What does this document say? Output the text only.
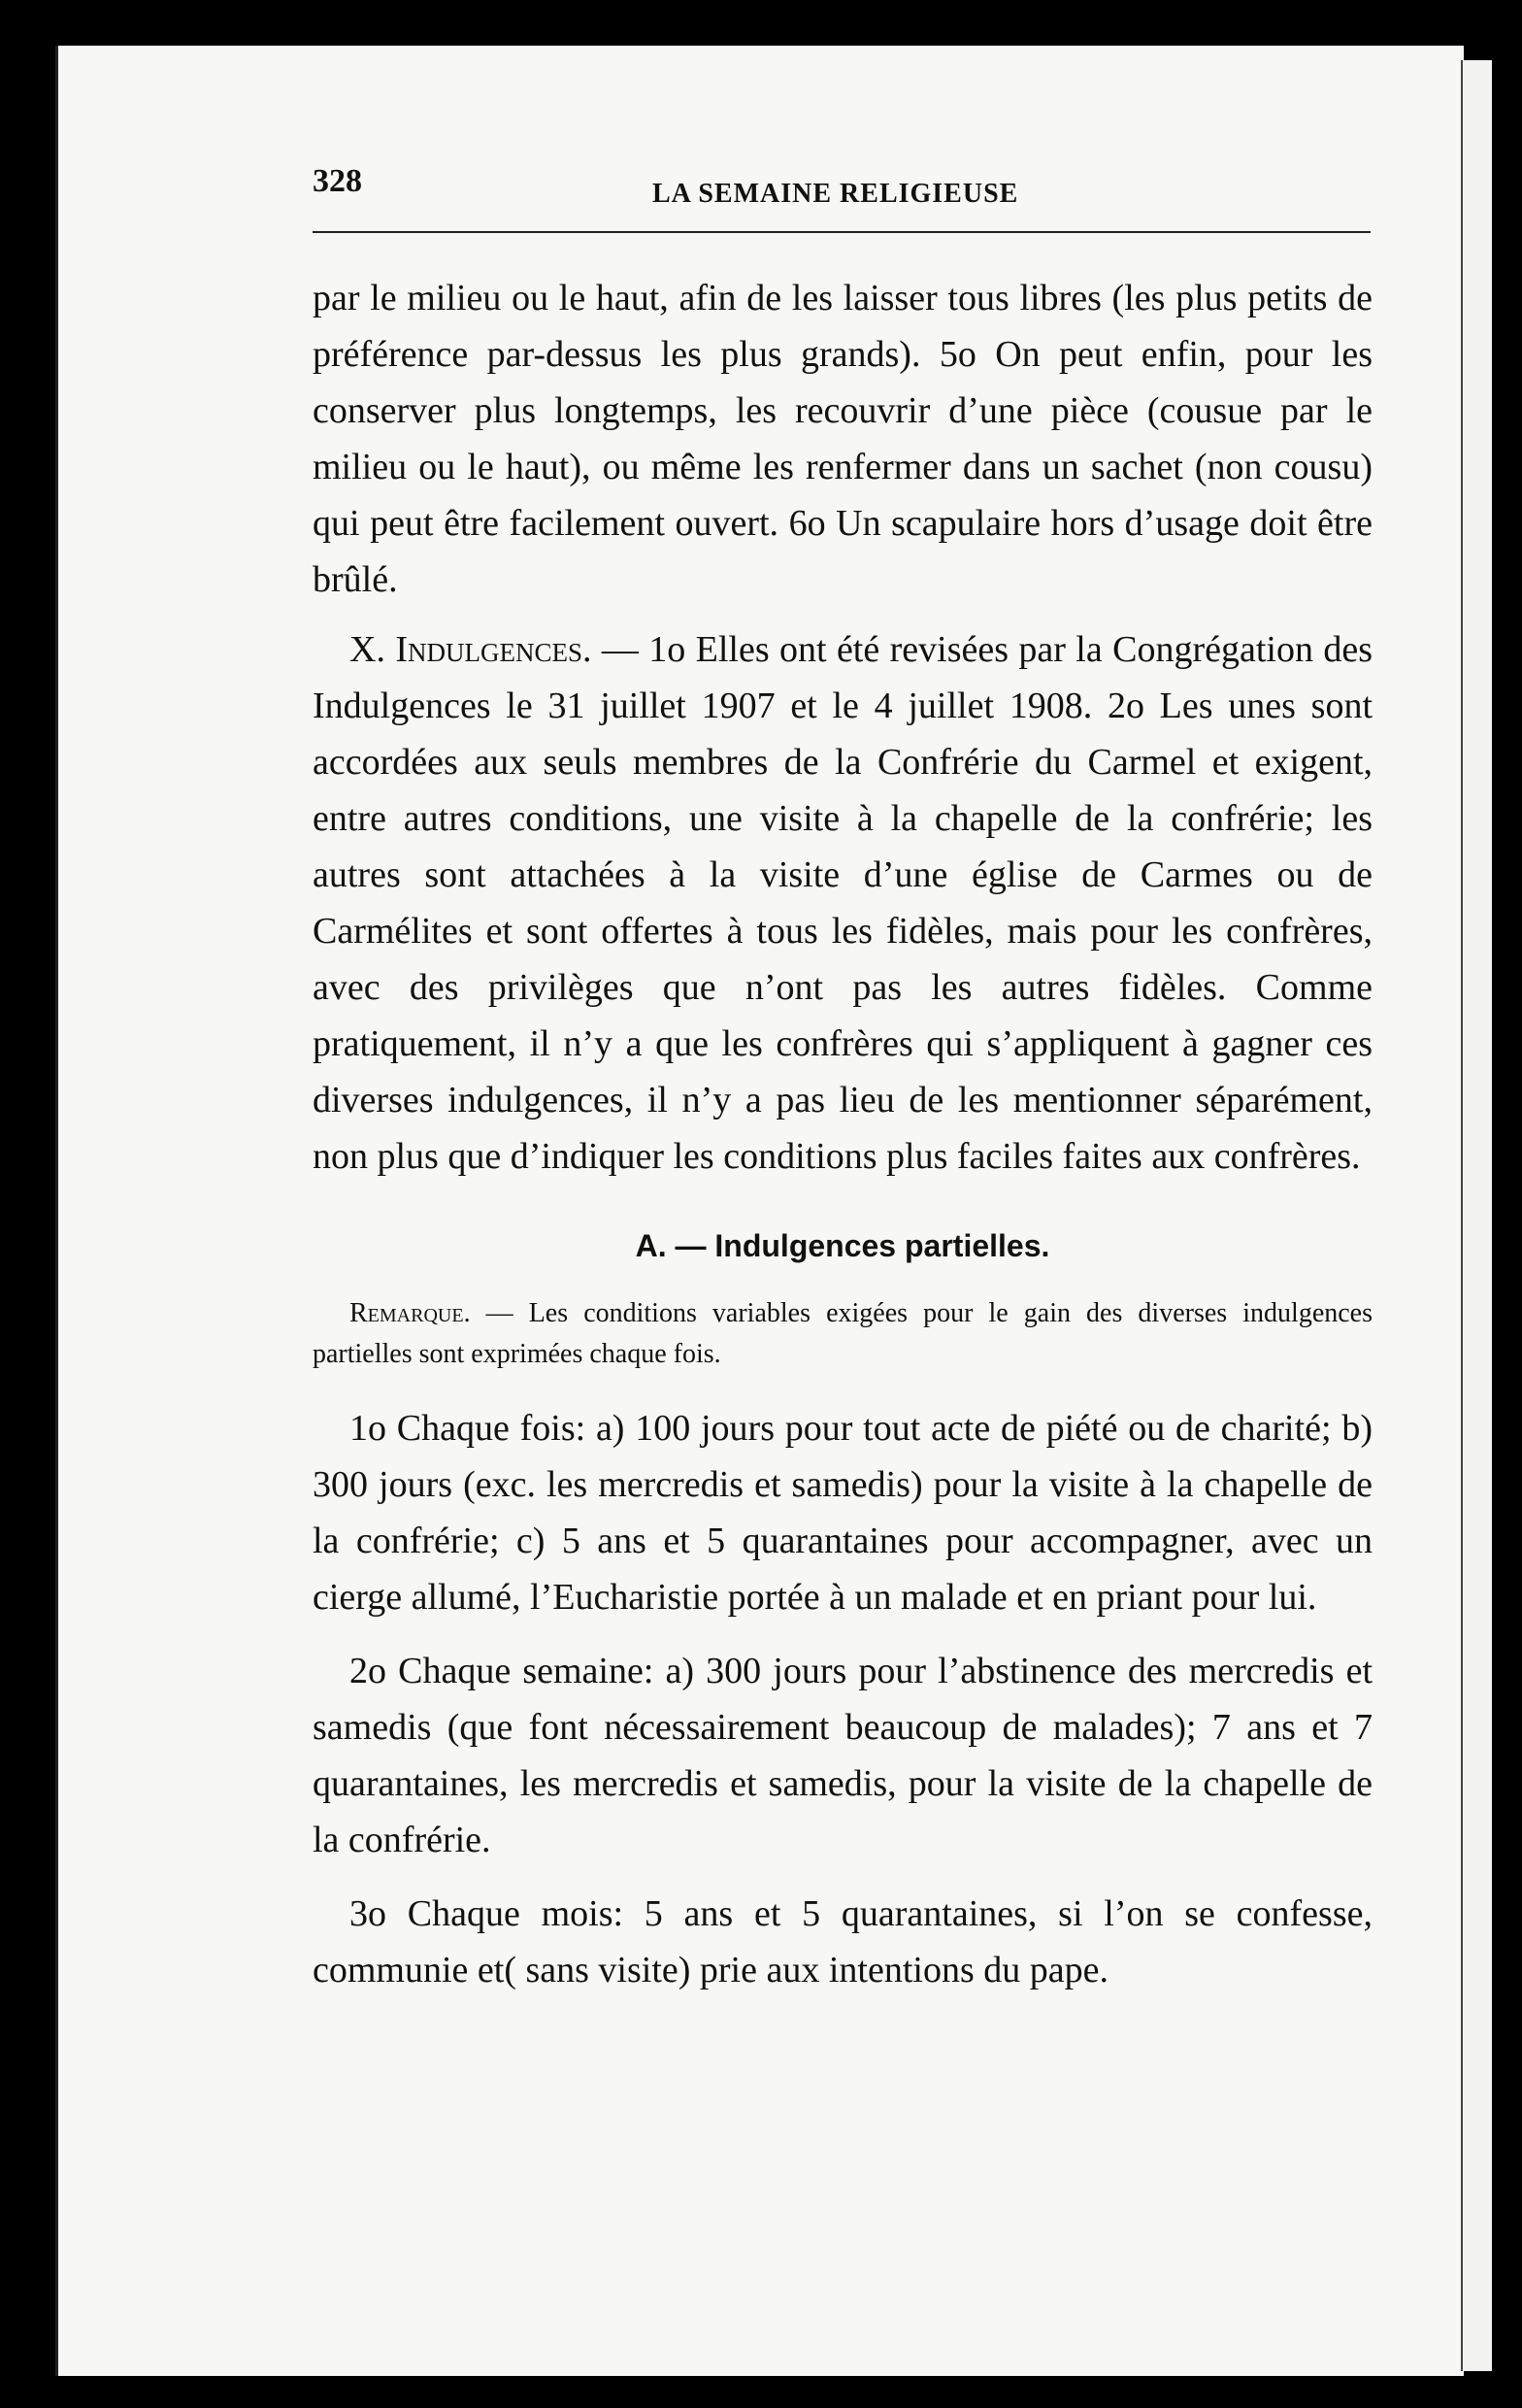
328	LA SEMAINE RELIGIEUSE

par le milieu ou le haut, afin de les laisser tous libres (les plus petits de préférence par-dessus les plus grands). 5o On peut enfin, pour les conserver plus longtemps, les recouvrir d’une pièce (cousue par le milieu ou le haut), ou même les renfermer dans un sachet (non cousu) qui peut être facilement ouvert. 6o Un scapulaire hors d’usage doit être brûlé.

X. Indulgences. — 1o Elles ont été revisées par la Congrégation des Indulgences le 31 juillet 1907 et le 4 juillet 1908. 2o Les unes sont accordées aux seuls membres de la Confrérie du Carmel et exigent, entre autres conditions, une visite à la chapelle de la confrérie; les autres sont attachées à la visite d’une église de Carmes ou de Carmélites et sont offertes à tous les fidèles, mais pour les confrères, avec des privilèges que n’ont pas les autres fidèles. Comme pratiquement, il n’y a que les confrères qui s’appliquent à gagner ces diverses indulgences, il n’y a pas lieu de les mentionner séparément, non plus que d’indiquer les conditions plus faciles faites aux confrères.

A. — Indulgences partielles.

Remarque. — Les conditions variables exigées pour le gain des diverses indulgences partielles sont exprimées chaque fois.

1o Chaque fois: a) 100 jours pour tout acte de piété ou de charité; b) 300 jours (exc. les mercredis et samedis) pour la visite à la chapelle de la confrérie; c) 5 ans et 5 quarantaines pour accompagner, avec un cierge allumé, l’Eucharistie portée à un malade et en priant pour lui.

2o Chaque semaine: a) 300 jours pour l’abstinence des mercredis et samedis (que font nécessairement beaucoup de malades); 7 ans et 7 quarantaines, les mercredis et samedis, pour la visite de la chapelle de la confrérie.

3o Chaque mois: 5 ans et 5 quarantaines, si l’on se confesse, communie et( sans visite) prie aux intentions du pape.
